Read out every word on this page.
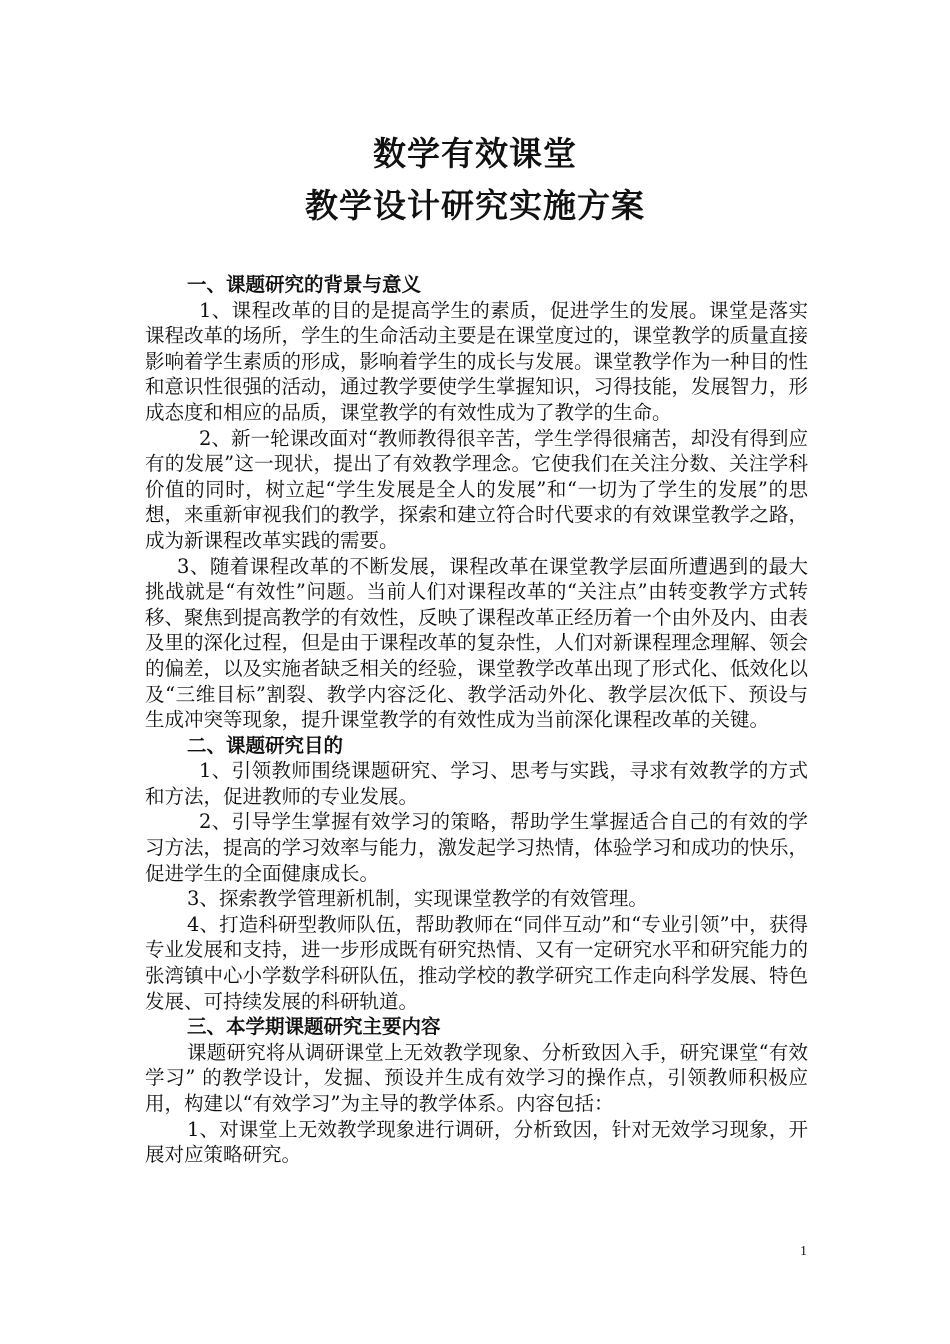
数学有效课堂
教学设计研究实施方案

一、课题研究的背景与意义

1、课程改革的目的是提高学生的素质，促进学生的发展。课堂是落实课程改革的场所，学生的生命活动主要是在课堂度过的，课堂教学的质量直接影响着学生素质的形成，影响着学生的成长与发展。课堂教学作为一种目的性和意识性很强的活动，通过教学要使学生掌握知识，习得技能，发展智力，形成态度和相应的品质，课堂教学的有效性成为了教学的生命。

2、新一轮课改面对“教师教得很辛苦，学生学得很痛苦，却没有得到应有的发展”这一现状，提出了有效教学理念。它使我们在关注分数、关注学科价值的同时，树立起“学生发展是全人的发展”和“一切为了学生的发展”的思想，来重新审视我们的教学，探索和建立符合时代要求的有效课堂教学之路，成为新课程改革实践的需要。

3、随着课程改革的不断发展，课程改革在课堂教学层面所遭遇到的最大挑战就是“有效性”问题。当前人们对课程改革的“关注点”由转变教学方式转移、聚焦到提高教学的有效性，反映了课程改革正经历着一个由外及内、由表及里的深化过程，但是由于课程改革的复杂性，人们对新课程理念理解、领会的偏差，以及实施者缺乏相关的经验，课堂教学改革出现了形式化、低效化以及“三维目标”割裂、教学内容泛化、教学活动外化、教学层次低下、预设与生成冲突等现象，提升课堂教学的有效性成为当前深化课程改革的关键。

二、课题研究目的

1、引领教师围绕课题研究、学习、思考与实践，寻求有效教学的方式和方法，促进教师的专业发展。

2、引导学生掌握有效学习的策略，帮助学生掌握适合自己的有效的学习方法，提高的学习效率与能力，激发起学习热情，体验学习和成功的快乐，促进学生的全面健康成长。

3、探索教学管理新机制，实现课堂教学的有效管理。

4、打造科研型教师队伍，帮助教师在“同伴互动”和“专业引领”中，获得专业发展和支持，进一步形成既有研究热情、又有一定研究水平和研究能力的张湾镇中心小学数学科研队伍，推动学校的教学研究工作走向科学发展、特色发展、可持续发展的科研轨道。

三、本学期课题研究主要内容

课题研究将从调研课堂上无效教学现象、分析致因入手，研究课堂“有效学习” 的教学设计，发掘、预设并生成有效学习的操作点，引领教师积极应用，构建以“有效学习”为主导的教学体系。内容包括：

1、对课堂上无效教学现象进行调研，分析致因，针对无效学习现象，开展对应策略研究。

1
